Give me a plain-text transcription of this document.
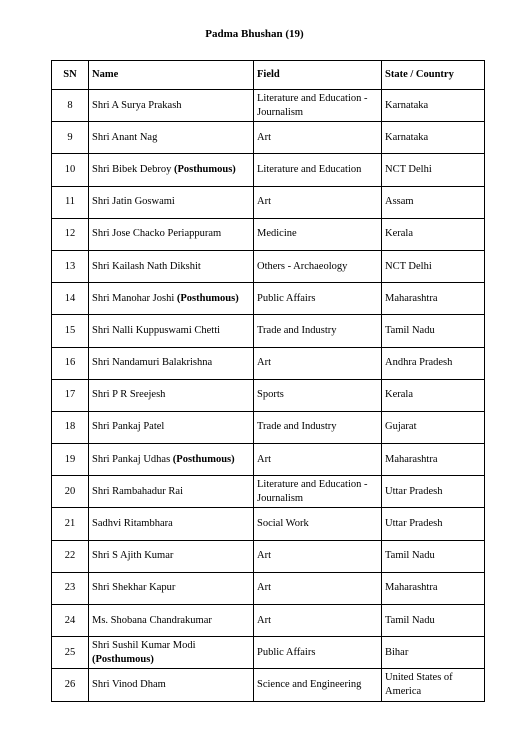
Padma Bhushan (19)
SN	Name	Field	State / Country
8	Shri A Surya Prakash	Literature and Education - Journalism	Karnataka
9	Shri Anant Nag	Art	Karnataka
10	Shri Bibek Debroy (Posthumous)	Literature and Education	NCT Delhi
11	Shri Jatin Goswami	Art	Assam
12	Shri Jose Chacko Periappuram	Medicine	Kerala
13	Shri Kailash Nath Dikshit	Others - Archaeology	NCT Delhi
14	Shri Manohar Joshi (Posthumous)	Public Affairs	Maharashtra
15	Shri Nalli Kuppuswami Chetti	Trade and Industry	Tamil Nadu
16	Shri Nandamuri Balakrishna	Art	Andhra Pradesh
17	Shri P R Sreejesh	Sports	Kerala
18	Shri Pankaj Patel	Trade and Industry	Gujarat
19	Shri Pankaj Udhas (Posthumous)	Art	Maharashtra
20	Shri Rambahadur Rai	Literature and Education - Journalism	Uttar Pradesh
21	Sadhvi Ritambhara	Social Work	Uttar Pradesh
22	Shri S Ajith Kumar	Art	Tamil Nadu
23	Shri Shekhar Kapur	Art	Maharashtra
24	Ms. Shobana Chandrakumar	Art	Tamil Nadu
25	Shri Sushil Kumar Modi (Posthumous)	Public Affairs	Bihar
26	Shri Vinod Dham	Science and Engineering	United States of America
